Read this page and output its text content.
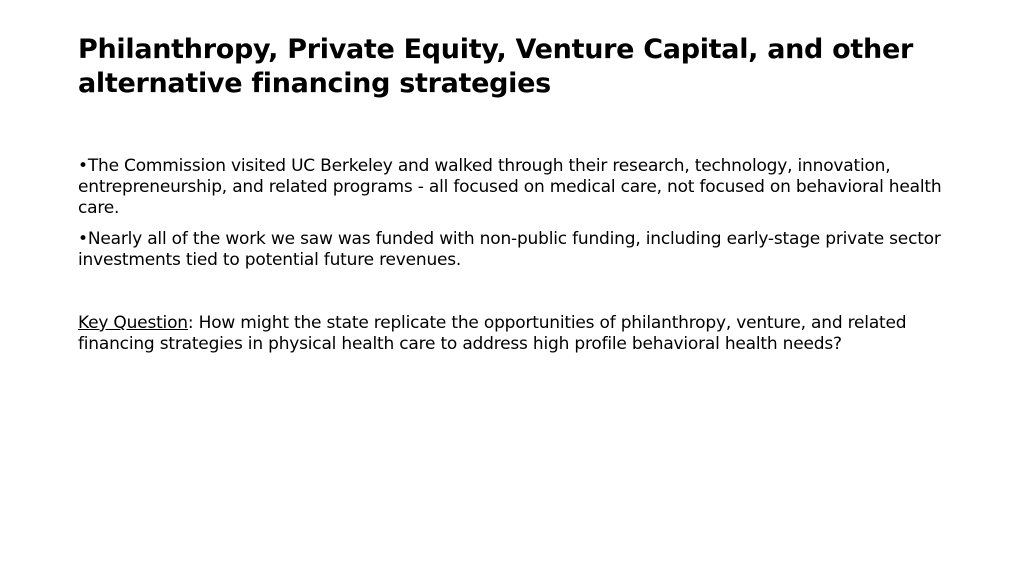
Philanthropy, Private Equity, Venture Capital, and other alternative financing strategies
•The Commission visited UC Berkeley and walked through their research, technology, innovation, entrepreneurship, and related programs - all focused on medical care, not focused on behavioral health care.
•Nearly all of the work we saw was funded with non-public funding, including early-stage private sector investments tied to potential future revenues.

Key Question: How might the state replicate the opportunities of philanthropy, venture, and related financing strategies in physical health care to address high profile behavioral health needs?
